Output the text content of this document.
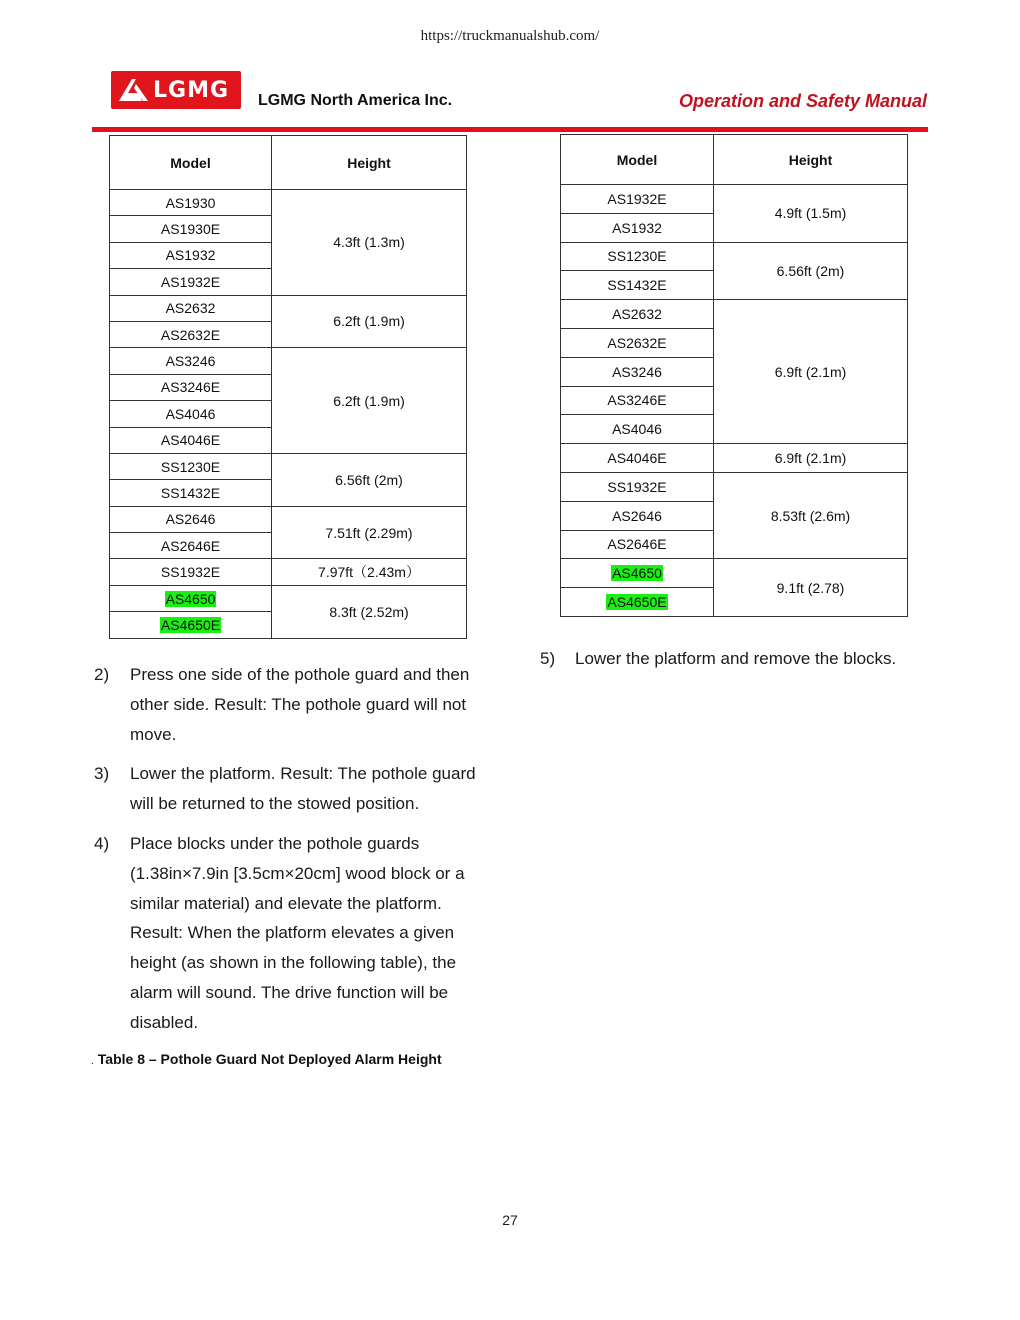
https://truckmanualshub.com/
LGMG LGMG North America Inc.	Operation and Safety Manual
Model	Height
AS1930	4.3ft (1.3m)
AS1930E	
AS1932	
AS1932E	
AS2632	6.2ft (1.9m)
AS2632E	
AS3246	6.2ft (1.9m)
AS3246E	
AS4046	
AS4046E	
SS1230E	6.56ft (2m)
SS1432E	
AS2646	7.51ft (2.29m)
AS2646E	
SS1932E	7.97ft（2.43m）
AS4650	8.3ft (2.52m)
AS4650E	
Model	Height
AS1932E	4.9ft (1.5m)
AS1932	
SS1230E	6.56ft (2m)
SS1432E	
AS2632	6.9ft (2.1m)
AS2632E	
AS3246	
AS3246E	
AS4046	
AS4046E	6.9ft (2.1m)
SS1932E	8.53ft (2.6m)
AS2646	
AS2646E	
AS4650	9.1ft (2.78)
AS4650E	
2)	Press one side of the pothole guard and then other side. Result: The pothole guard will not move.
3)	Lower the platform. Result: The pothole guard will be returned to the stowed position.
4)	Place blocks under the pothole guards (1.38in×7.9in [3.5cm×20cm] wood block or a similar material) and elevate the platform. Result: When the platform elevates a given height (as shown in the following table), the alarm will sound. The drive function will be disabled.
5)	Lower the platform and remove the blocks.
. Table 8 – Pothole Guard Not Deployed Alarm Height
27
